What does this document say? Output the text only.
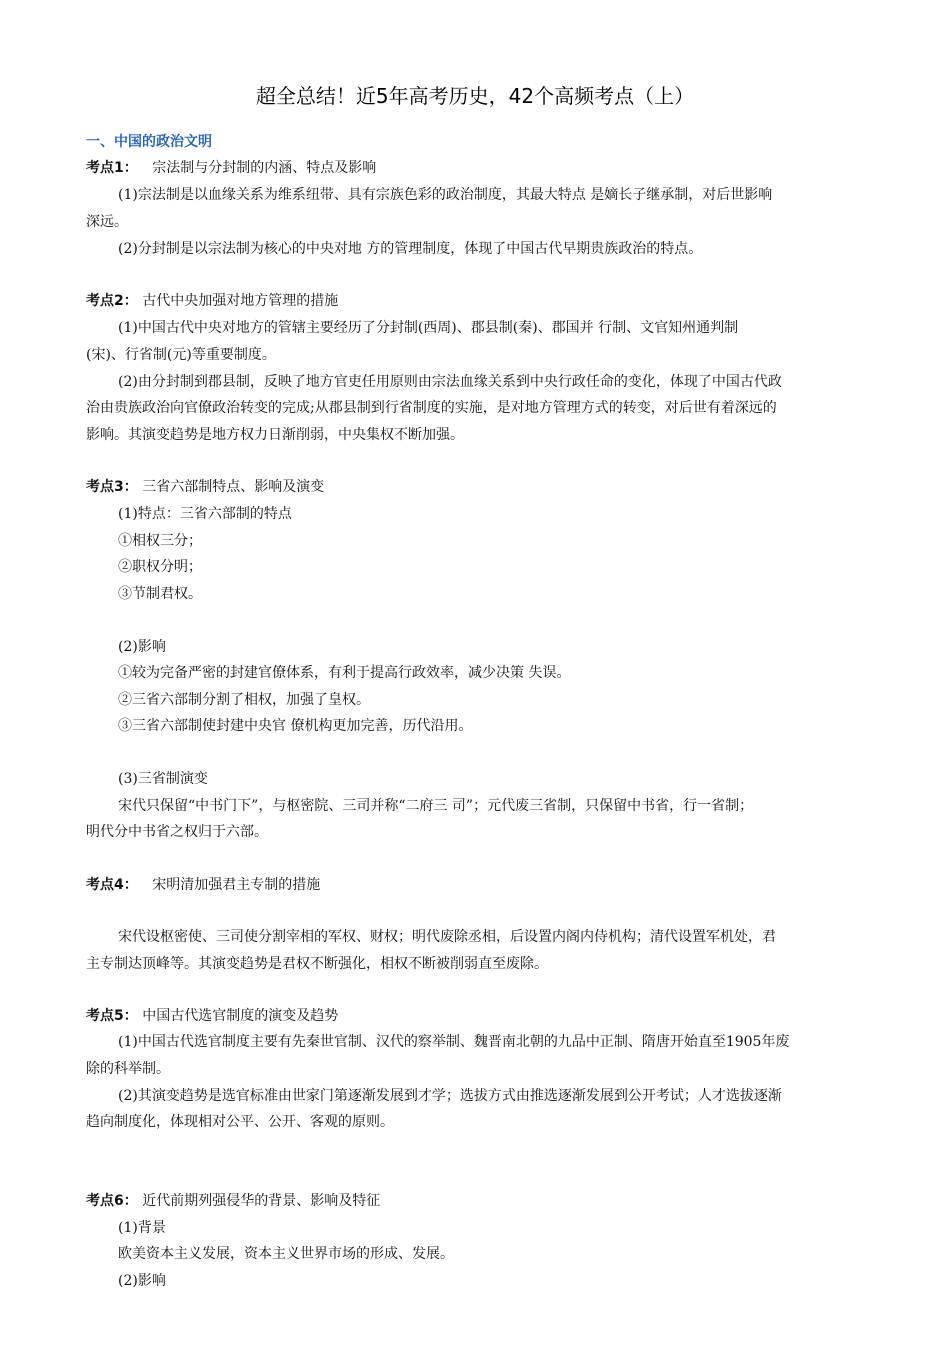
超全总结！近5年高考历史，42个高频考点（上）
一、中国的政治文明
考点1： 宗法制与分封制的内涵、特点及影响
(1)宗法制是以血缘关系为维系纽带、具有宗族色彩的政治制度，其最大特点 是嫡长子继承制，对后世影响
深远。
(2)分封制是以宗法制为核心的中央对地 方的管理制度，体现了中国古代早期贵族政治的特点。
考点2： 古代中央加强对地方管理的措施
(1)中国古代中央对地方的管辖主要经历了分封制(西周)、郡县制(秦)、郡国并 行制、文官知州通判制
(宋)、行省制(元)等重要制度。
(2)由分封制到郡县制，反映了地方官吏任用原则由宗法血缘关系到中央行政任命的变化，体现了中国古代政
治由贵族政治向官僚政治转变的完成;从郡县制到行省制度的实施，是对地方管理方式的转变，对后世有着深远的
影响。其演变趋势是地方权力日渐削弱，中央集权不断加强。
考点3： 三省六部制特点、影响及演变
(1)特点：三省六部制的特点
①相权三分；
②职权分明；
③节制君权。
(2)影响
①较为完备严密的封建官僚体系，有利于提高行政效率，减少决策 失误。
②三省六部制分割了相权，加强了皇权。
③三省六部制使封建中央官 僚机构更加完善，历代沿用。
(3)三省制演变
宋代只保留“中书门下”，与枢密院、三司并称“二府三 司”；元代废三省制，只保留中书省，行一省制；
明代分中书省之权归于六部。
考点4： 宋明清加强君主专制的措施
宋代设枢密使、三司使分割宰相的军权、财权；明代废除丞相，后设置内阁内侍机构；清代设置军机处，君
主专制达顶峰等。其演变趋势是君权不断强化，相权不断被削弱直至废除。
考点5： 中国古代选官制度的演变及趋势
(1)中国古代选官制度主要有先秦世官制、汉代的察举制、魏晋南北朝的九品中正制、隋唐开始直至1905年废
除的科举制。
(2)其演变趋势是选官标准由世家门第逐渐发展到才学；选拔方式由推选逐渐发展到公开考试；人才选拔逐渐
趋向制度化，体现相对公平、公开、客观的原则。
考点6： 近代前期列强侵华的背景、影响及特征
(1)背景
欧美资本主义发展，资本主义世界市场的形成、发展。
(2)影响
